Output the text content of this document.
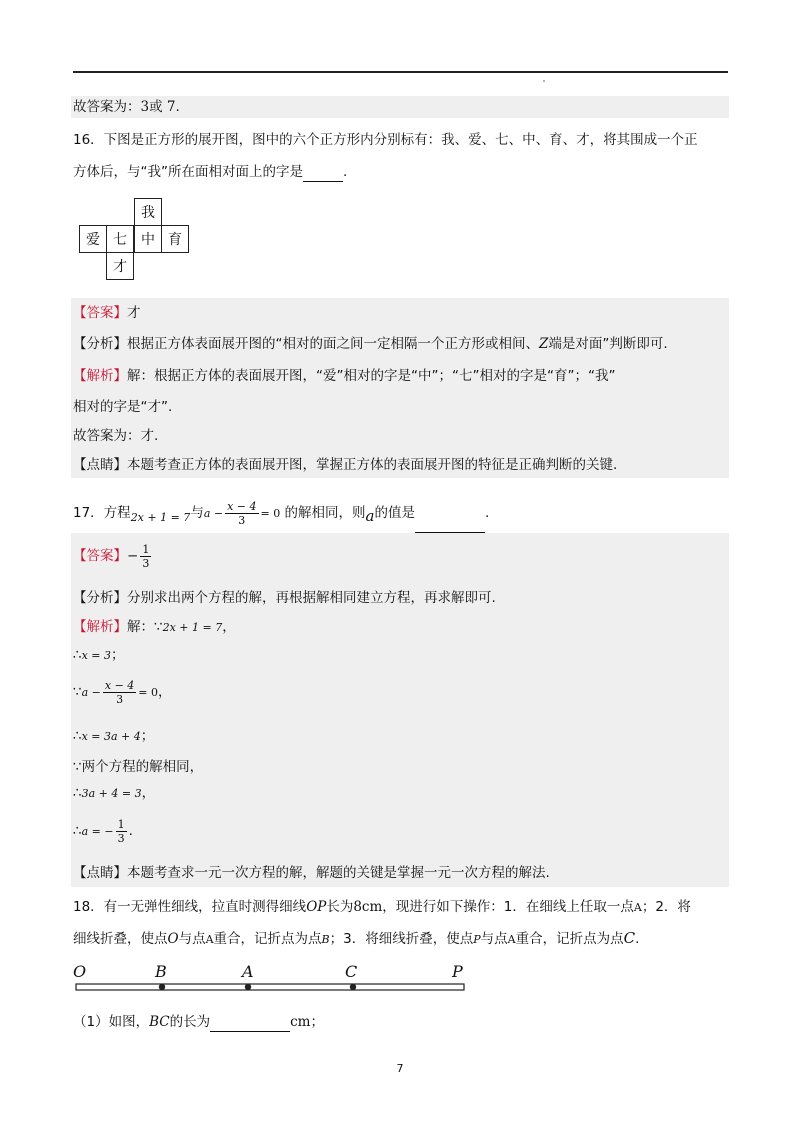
故答案为：3或 7.
16．下图是正方形的展开图，图中的六个正方形内分别标有：我、爱、七、中、育、才，将其围成一个正
方体后，与“我”所在面相对面上的字是	.
我
爱 七	中 育
才
【答案】才
【分析】根据正方体表面展开图的“相对的面之间一定相隔一个正方形或相间、Z端是对面”判断即可.
【解析】解：根据正方体的表面展开图，“爱”相对的字是“中”；“七”相对的字是“育”；“我”
相对的字是“才”.
故答案为：才.
【点睛】本题考查正方体的表面展开图，掌握正方体的表面展开图的特征是正确判断的关键.
17．方程$_{2x + 1 = 7}$与$a - \frac{x - 4}{3} = 0$ 的解相同，则a的值是	.
【答案】− $\frac{1}{3}$
【分析】分别求出两个方程的解，再根据解相同建立方程，再求解即可.
【解析】解：∵2x + 1 = 7，
∴x = 3；
∵a − $\frac{x - 4}{3} = 0$，
∴x = 3a + 4；
∵两个方程的解相同，
∴3a + 4 = 3，
∴a = − $\frac{1}{3}$ .
【点睛】本题考查求一元一次方程的解，解题的关键是掌握一元一次方程的解法.
18．有一无弹性细线，拉直时测得细线OP长为8cm，现进行如下操作：1．在细线上任取一点A；2．将
细线折叠，使点O与点A重合，记折点为点B；3．将细线折叠，使点P与点A重合，记折点为点C.
O	B	A	C	P
（1）如图，BC的长为	cm；
7
